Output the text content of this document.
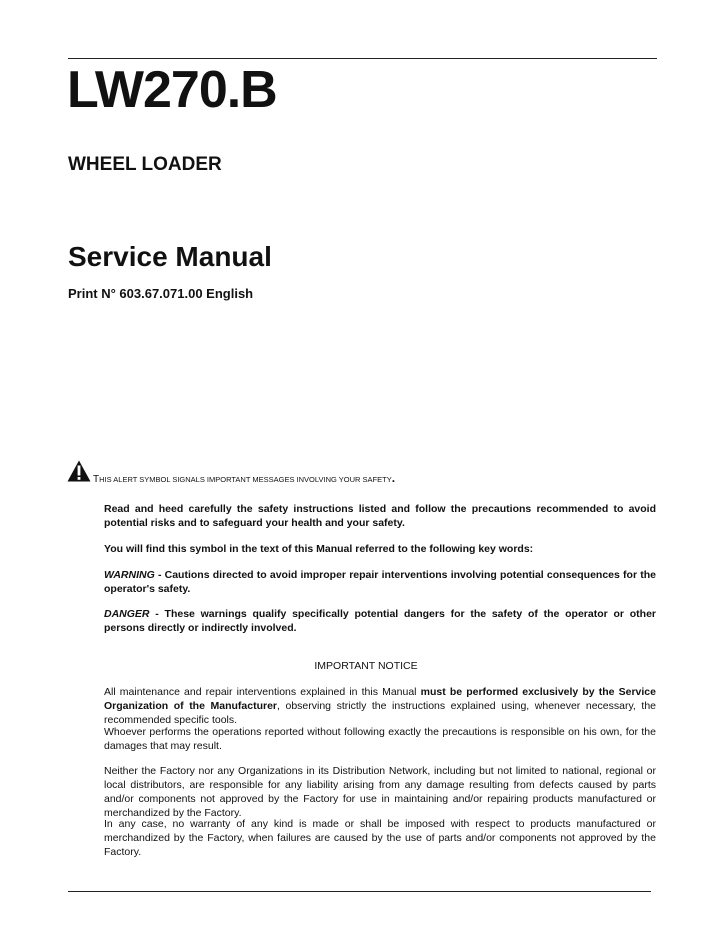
LW270.B
WHEEL LOADER
Service Manual
Print N° 603.67.071.00 English
THIS ALERT SYMBOL SIGNALS IMPORTANT MESSAGES INVOLVING YOUR SAFETY.
Read and heed carefully the safety instructions listed and follow the precautions recommended to avoid potential risks and to safeguard your health and your safety.
You will find this symbol in the text of this Manual referred to the following key words:
WARNING - Cautions directed to avoid improper repair interventions involving potential consequences for the operator's safety.
DANGER - These warnings qualify specifically potential dangers for the safety of the operator or other persons directly or indirectly involved.
IMPORTANT NOTICE
All maintenance and repair interventions explained in this Manual must be performed exclusively by the Service Organization of the Manufacturer, observing strictly the instructions explained using, whenever necessary, the recommended specific tools.
Whoever performs the operations reported without following exactly the precautions is responsible on his own, for the damages that may result.
Neither the Factory nor any Organizations in its Distribution Network, including but not limited to national, regional or local distributors, are responsible for any liability arising from any damage resulting from defects caused by parts and/or components not approved by the Factory for use in maintaining and/or repairing products manufactured or merchandized by the Factory.
In any case, no warranty of any kind is made or shall be imposed with respect to products manufactured or merchandized by the Factory, when failures are caused by the use of parts and/or components not approved by the Factory.
